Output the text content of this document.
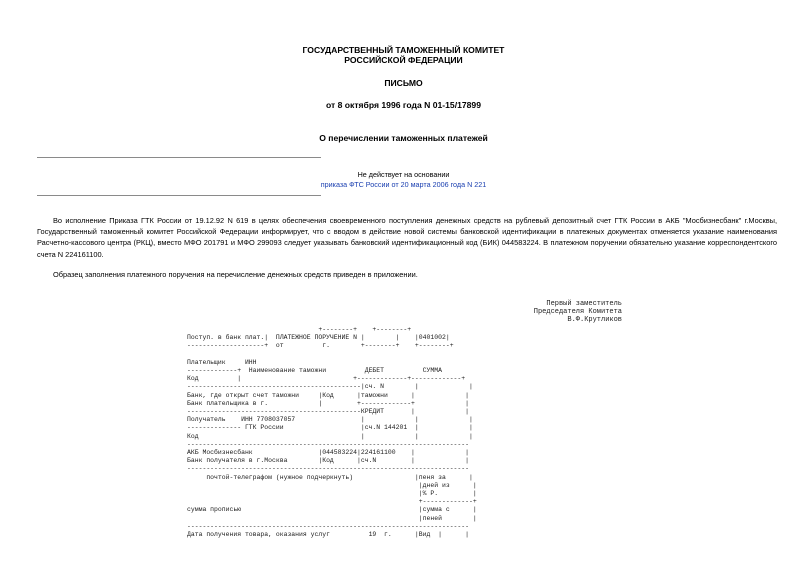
ГОСУДАРСТВЕННЫЙ ТАМОЖЕННЫЙ КОМИТЕТ
РОССИЙСКОЙ ФЕДЕРАЦИИ
ПИСЬМО
от 8 октября 1996 года N 01-15/17899
О перечислении таможенных платежей
Не действует на основании
приказа ФТС России от 20 марта 2006 года N 221
Во исполнение Приказа ГТК России от 19.12.92 N 619 в целях обеспечения своевременного поступления денежных средств на рублевый депозитный счет ГТК России в АКБ "Мосбизнесбанк" г.Москвы, Государственный таможенный комитет Российской Федерации информирует, что с вводом в действие новой системы банковской идентификации в платежных документах отменяется указание наименования Расчетно-кассового центра (РКЦ), вместо МФО 201791 и МФО 299093 следует указывать банковский идентификационный код (БИК) 044583224. В платежном поручении обязательно указание корреспондентского счета N 224161100.
Образец заполнения платежного поручения на перечисление денежных средств приведен в приложении.
Первый заместитель
Председателя Комитета
В.Ф.Крутликов
+--------+    +--------+
Поступ. в банк плат.|  ПЛАТЕЖНОЕ ПОРУЧЕНИЕ N |        |    |0401002|
--------------------+  от          г.        +--------+    +--------+

Плательщик     ИНН
-------------+  Наименование таможни          ДЕБЕТ          СУММА
Код          |                             +-------------+-------------+
---------------------------------------------|сч. N        |             |
Банк, где открыт счет таможни     |Код      |таможни      |             |
Банк плательщика в г.             |         +-------------+             |
---------------------------------------------КРЕДИТ       |             |
Получатель    ИНН 7708037057                 |             |             |
-------------- ГТК России                    |сч.N 144201  |             |
Код                                          |             |             |
-------------------------------------------------------------------------
АКБ Мосбизнесбанк                 |044583224|224161100    |             |
Банк получателя в г.Москва        |Код      |сч.N         |             |
-------------------------------------------------------------------------
почтой-телеграфом (нужное подчеркнуть)                |пеня за      |
|дней из      |
|% Р.         |
+-------------+
сумма прописью                                              |сумма с      |
|пеней        |
-------------------------------------------------------------------------
Дата получения товара, оказания услуг          19  г.      |Вид  |      |
